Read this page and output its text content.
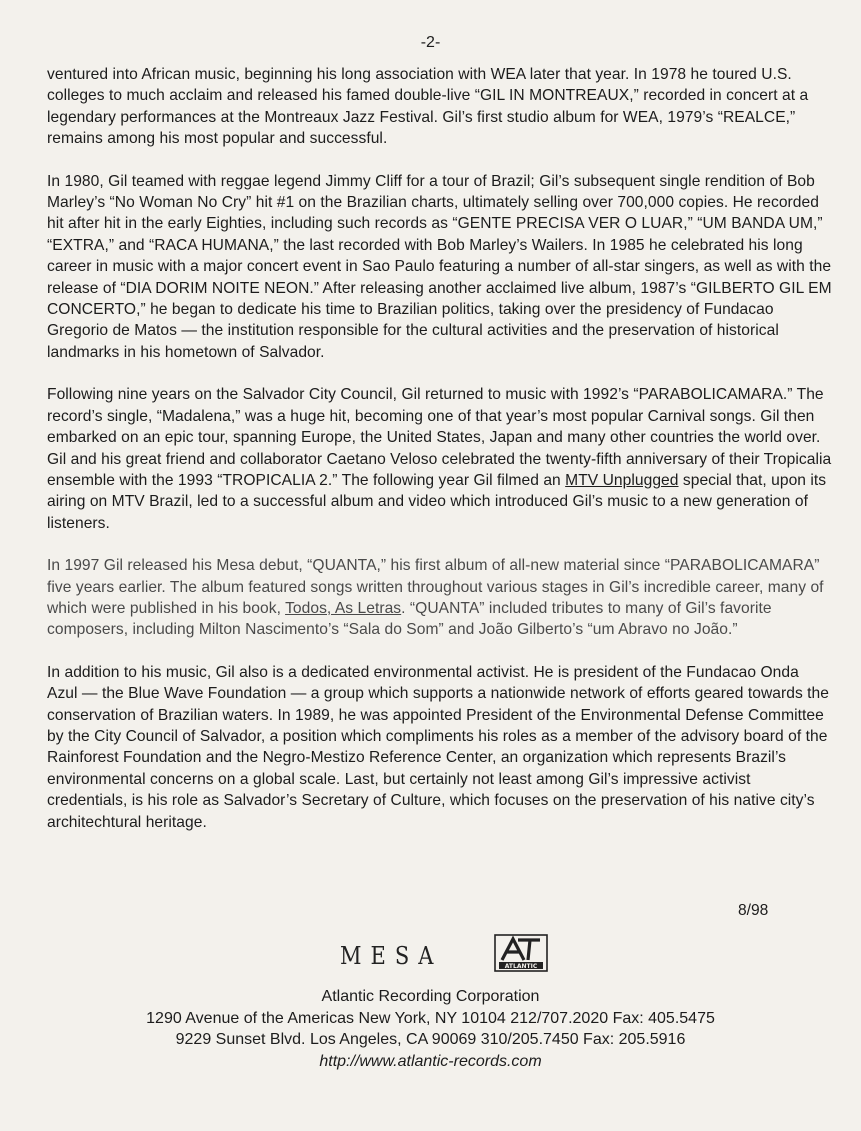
-2-

ventured into African music, beginning his long association with WEA later that year. In 1978 he toured U.S. colleges to much acclaim and released his famed double-live “GIL IN MONTREAUX,” recorded in concert at a legendary performances at the Montreaux Jazz Festival. Gil’s first studio album for WEA, 1979’s “REALCE,” remains among his most popular and successful.

In 1980, Gil teamed with reggae legend Jimmy Cliff for a tour of Brazil; Gil’s subsequent single rendition of Bob Marley’s “No Woman No Cry” hit #1 on the Brazilian charts, ultimately selling over 700,000 copies. He recorded hit after hit in the early Eighties, including such records as “GENTE PRECISA VER O LUAR,” “UM BANDA UM,” “EXTRA,” and “RACA HUMANA,” the last recorded with Bob Marley’s Wailers. In 1985 he celebrated his long career in music with a major concert event in Sao Paulo featuring a number of all-star singers, as well as with the release of “DIA DORIM NOITE NEON.” After releasing another acclaimed live album, 1987’s “GILBERTO GIL EM CONCERTO,” he began to dedicate his time to Brazilian politics, taking over the presidency of Fundacao Gregorio de Matos — the institution responsible for the cultural activities and the preservation of historical landmarks in his hometown of Salvador.

Following nine years on the Salvador City Council, Gil returned to music with 1992’s “PARABOLICAMARA.” The record’s single, “Madalena,” was a huge hit, becoming one of that year’s most popular Carnival songs. Gil then embarked on an epic tour, spanning Europe, the United States, Japan and many other countries the world over. Gil and his great friend and collaborator Caetano Veloso celebrated the twenty-fifth anniversary of their Tropicalia ensemble with the 1993 “TROPICALIA 2.” The following year Gil filmed an MTV Unplugged special that, upon its airing on MTV Brazil, led to a successful album and video which introduced Gil’s music to a new generation of listeners.

In 1997 Gil released his Mesa debut, “QUANTA,” his first album of all-new material since “PARABOLICAMARA” five years earlier. The album featured songs written throughout various stages in Gil’s incredible career, many of which were published in his book, Todos, As Letras. “QUANTA” included tributes to many of Gil’s favorite composers, including Milton Nascimento’s “Sala do Som” and João Gilberto’s “um Abravo no João.”

In addition to his music, Gil also is a dedicated environmental activist. He is president of the Fundacao Onda Azul — the Blue Wave Foundation — a group which supports a nationwide network of efforts geared towards the conservation of Brazilian waters. In 1989, he was appointed President of the Environmental Defense Committee by the City Council of Salvador, a position which compliments his roles as a member of the advisory board of the Rainforest Foundation and the Negro-Mestizo Reference Center, an organization which represents Brazil’s environmental concerns on a global scale. Last, but certainly not least among Gil’s impressive activist credentials, is his role as Salvador’s Secretary of Culture, which focuses on the preservation of his native city’s architechtural heritage.

8/98
MESA	ATLANTIC
Atlantic Recording Corporation
1290 Avenue of the Americas New York, NY 10104 212/707.2020 Fax: 405.5475
9229 Sunset Blvd. Los Angeles, CA 90069 310/205.7450 Fax: 205.5916
http://www.atlantic-records.com
